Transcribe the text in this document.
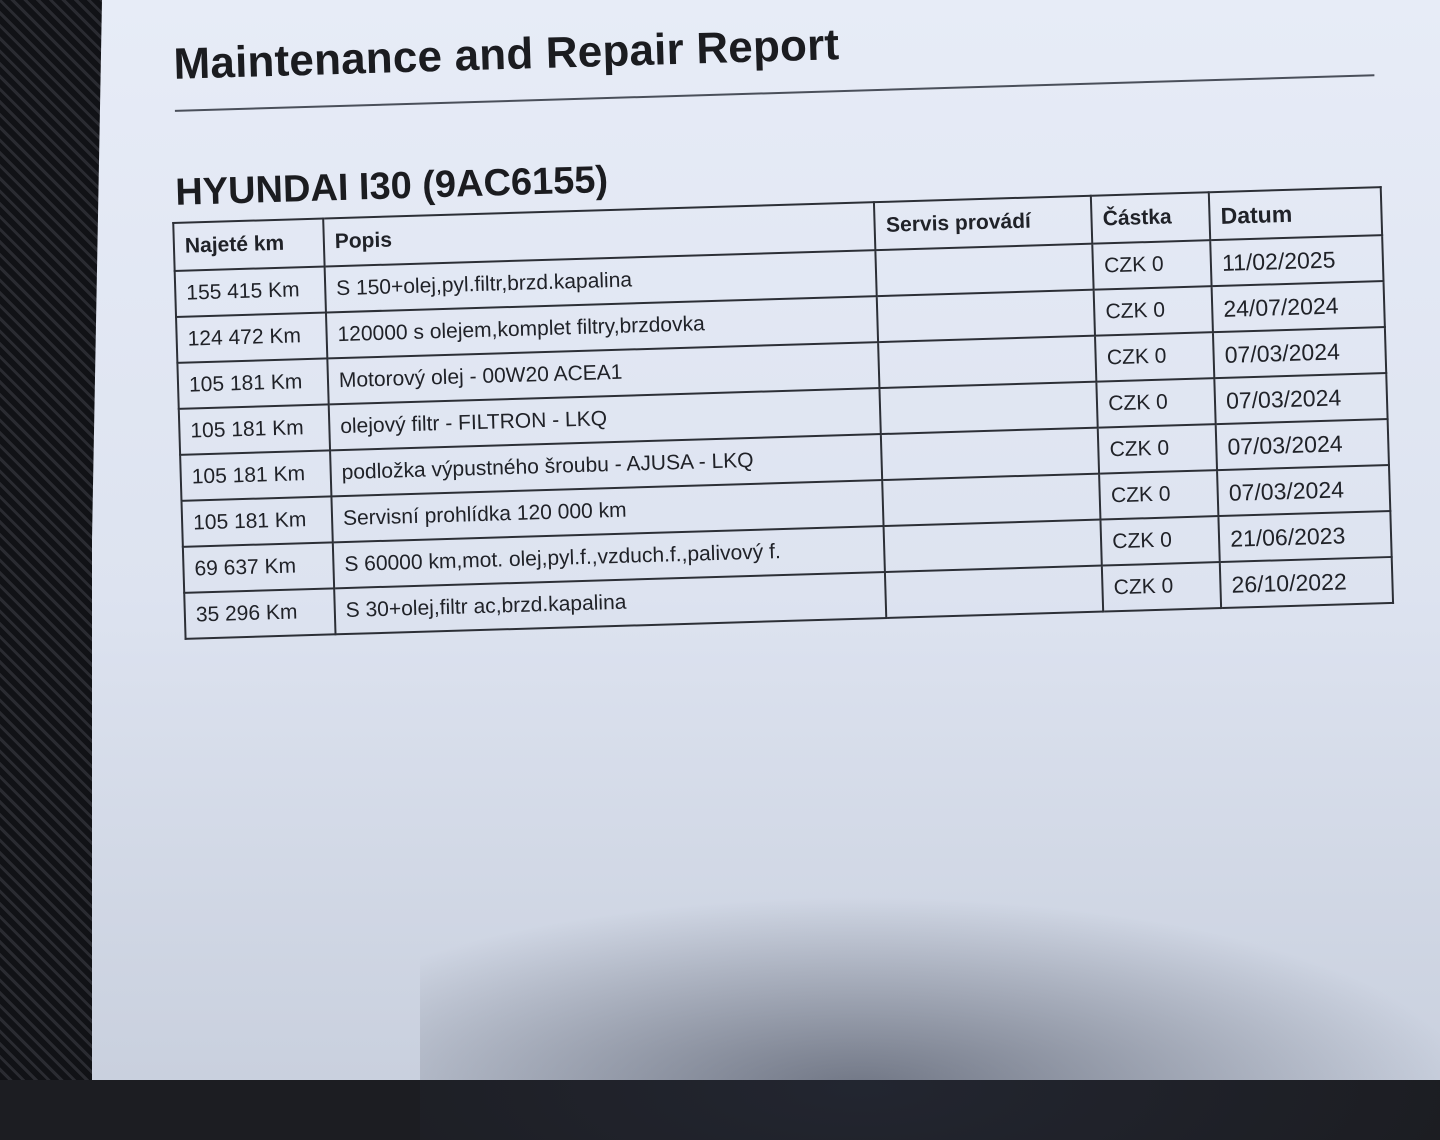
Maintenance and Repair Report
HYUNDAI I30 (9AC6155)
Najeté km	Popis	Servis provádí	Částka	Datum
155 415 Km	S 150+olej,pyl.filtr,brzd.kapalina		CZK 0	11/02/2025
124 472 Km	120000 s olejem,komplet filtry,brzdovka		CZK 0	24/07/2024
105 181 Km	Motorový olej - 00W20 ACEA1		CZK 0	07/03/2024
105 181 Km	olejový filtr - FILTRON - LKQ		CZK 0	07/03/2024
105 181 Km	podložka výpustného šroubu - AJUSA - LKQ		CZK 0	07/03/2024
105 181 Km	Servisní prohlídka 120 000 km		CZK 0	07/03/2024
69 637 Km	S 60000 km,mot. olej,pyl.f.,vzduch.f.,palivový f.		CZK 0	21/06/2023
35 296 Km	S 30+olej,filtr ac,brzd.kapalina		CZK 0	26/10/2022
